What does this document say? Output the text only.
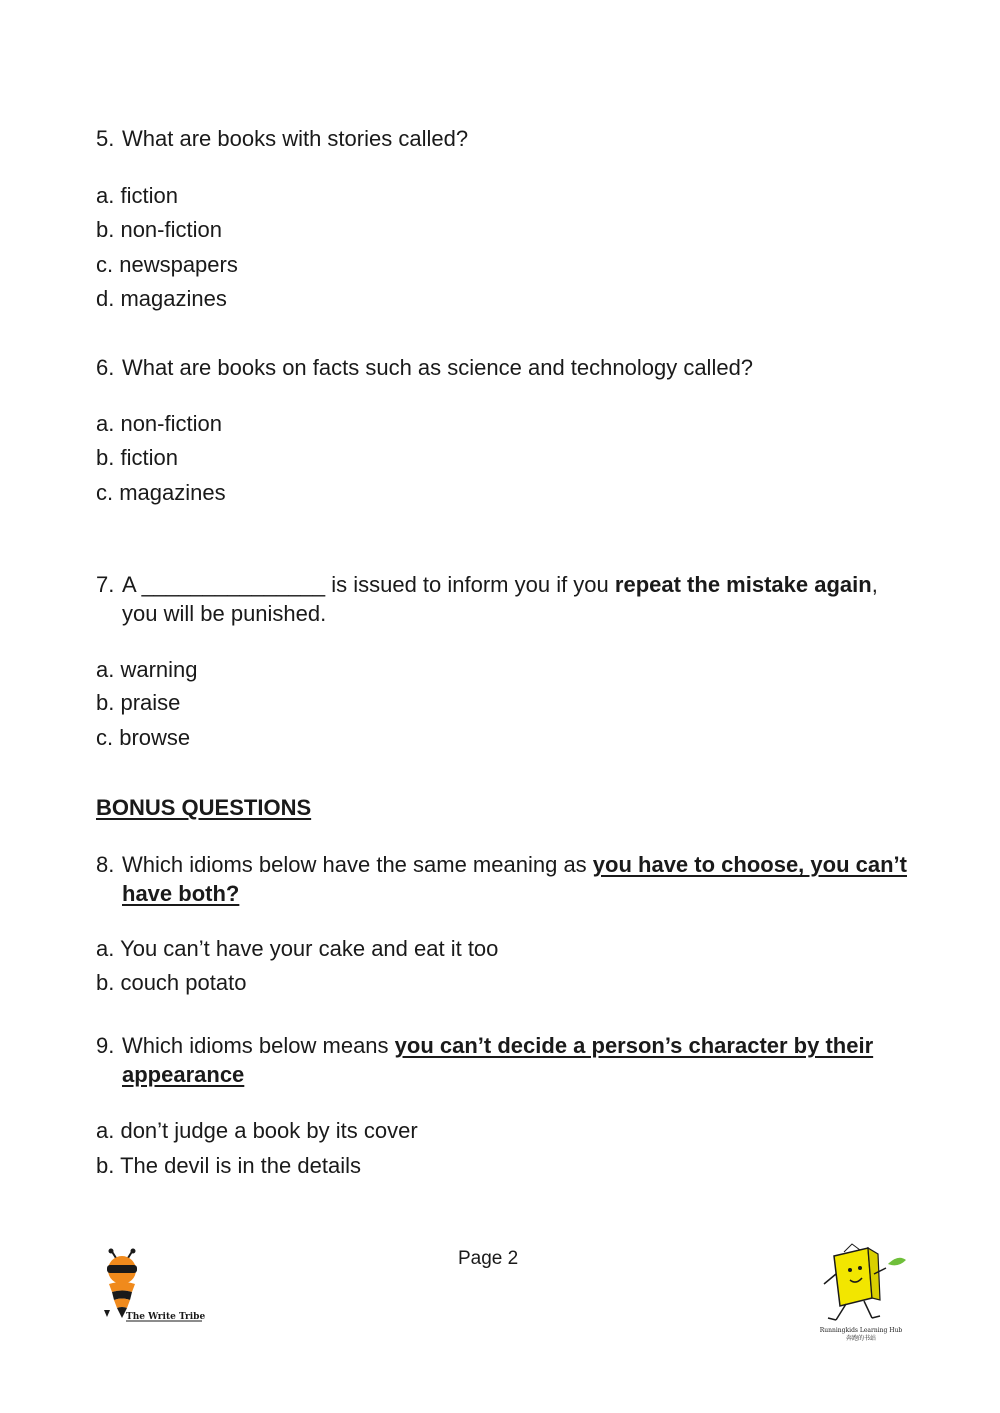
5. What are books with stories called?
a. fiction
b. non-fiction
c. newspapers
d. magazines
6. What are books on facts such as science and technology called?
a. non-fiction
b. fiction
c. magazines
7. A _______________ is issued to inform you if you repeat the mistake again, you will be punished.
a. warning
b. praise
c. browse
BONUS QUESTIONS
8. Which idioms below have the same meaning as you have to choose, you can’t have both?
a. You can’t have your cake and eat it too
b. couch potato
9. Which idioms below means you can’t decide a person’s character by their appearance
a. don’t judge a book by its cover
b. The devil is in the details
Page 2
The Write Tribe
Runningkids Learning Hub
奔跑的书站
